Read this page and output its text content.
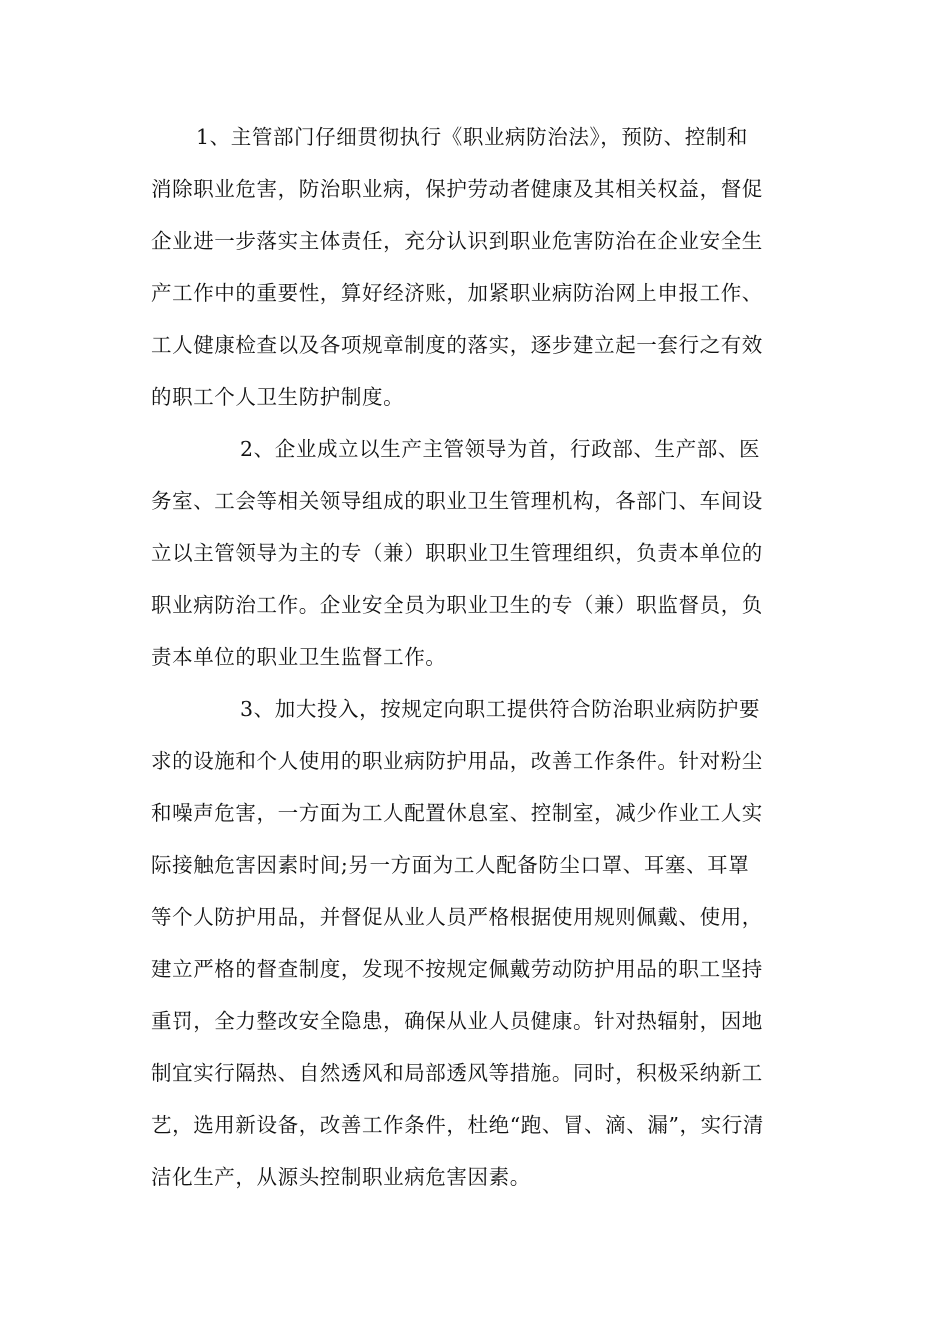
1、主管部门仔细贯彻执行《职业病防治法》，预防、控制和
消除职业危害，防治职业病，保护劳动者健康及其相关权益，督促
企业进一步落实主体责任，充分认识到职业危害防治在企业安全生
产工作中的重要性，算好经济账，加紧职业病防治网上申报工作、
工人健康检查以及各项规章制度的落实，逐步建立起一套行之有效
的职工个人卫生防护制度。
2、企业成立以生产主管领导为首，行政部、生产部、医
务室、工会等相关领导组成的职业卫生管理机构，各部门、车间设
立以主管领导为主的专（兼）职职业卫生管理组织，负责本单位的
职业病防治工作。企业安全员为职业卫生的专（兼）职监督员，负
责本单位的职业卫生监督工作。
3、加大投入，按规定向职工提供符合防治职业病防护要
求的设施和个人使用的职业病防护用品，改善工作条件。针对粉尘
和噪声危害，一方面为工人配置休息室、控制室，减少作业工人实
际接触危害因素时间;另一方面为工人配备防尘口罩、耳塞、耳罩
等个人防护用品，并督促从业人员严格根据使用规则佩戴、使用，
建立严格的督查制度，发现不按规定佩戴劳动防护用品的职工坚持
重罚，全力整改安全隐患，确保从业人员健康。针对热辐射，因地
制宜实行隔热、自然透风和局部透风等措施。同时，积极采纳新工
艺，选用新设备，改善工作条件，杜绝“跑、冒、滴、漏”，实行清
洁化生产，从源头控制职业病危害因素。
